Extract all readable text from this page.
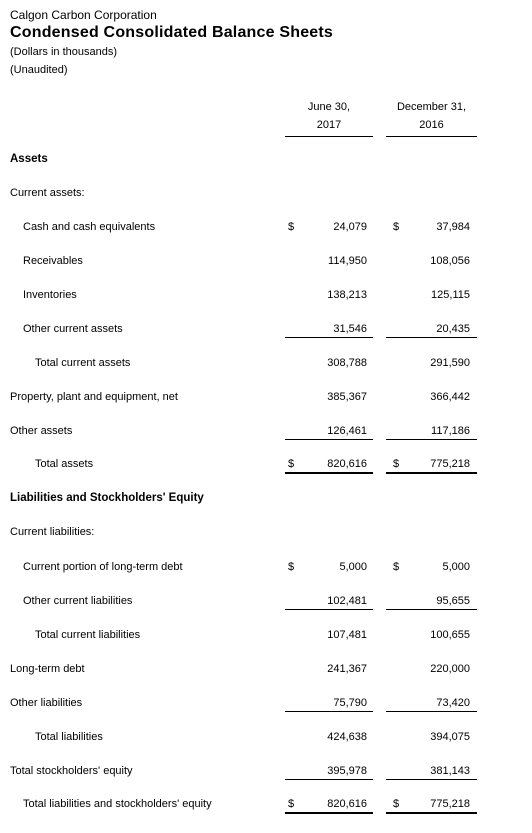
Calgon Carbon Corporation
Condensed Consolidated Balance Sheets
(Dollars in thousands)
(Unaudited)
June 30,
2017
December 31,
2016
Assets
Current assets:
Cash and cash equivalents	$	24,079 $	37,984
Receivables	114,950	108,056
Inventories	138,213	125,115
Other current assets	31,546	20,435
Total current assets	308,788	291,590
Property, plant and equipment, net	385,367	366,442
Other assets	126,461	117,186
Total assets	$	820,616 $	775,218
Liabilities and Stockholders' Equity
Current liabilities:
Current portion of long-term debt	$	5,000 $	5,000
Other current liabilities	102,481	95,655
Total current liabilities	107,481	100,655
Long-term debt	241,367	220,000
Other liabilities	75,790	73,420
Total liabilities	424,638	394,075
Total stockholders' equity	395,978	381,143
Total liabilities and stockholders' equity	$	820,616 $	775,218
